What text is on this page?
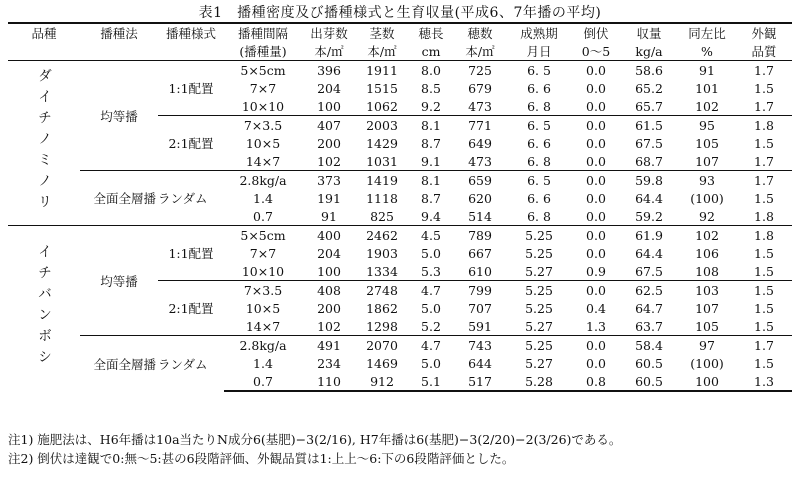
表1　播種密度及び播種様式と生育収量(平成6、7年播の平均)
品種	播種法	播種様式	播種間隔	出芽数	茎数	穂長	穂数	成熟期	倒伏	収量	同左比	外観
			(播種量)	本/㎡	本/㎡	cm	本/㎡	月日	0〜5	kg/a	%	品質
ダイチノミノリ	均等播	1:1配置	5×5cm	396	1911	8.0	725	6. 5	0.0	58.6	91	1.7
			7×7	204	1515	8.5	679	6. 6	0.0	65.2	101	1.5
			10×10	100	1062	9.2	473	6. 8	0.0	65.7	102	1.7
		2:1配置	7×3.5	407	2003	8.1	771	6. 5	0.0	61.5	95	1.8
			10×5	200	1429	8.7	649	6. 6	0.0	67.5	105	1.5
			14×7	102	1031	9.1	473	6. 8	0.0	68.7	107	1.7
	全面全層播	ランダム	2.8kg/a	373	1419	8.1	659	6. 5	0.0	59.8	93	1.7
			1.4	191	1118	8.7	620	6. 6	0.0	64.4	(100)	1.5
			0.7	91	825	9.4	514	6. 8	0.0	59.2	92	1.8
イチバンボシ	均等播	1:1配置	5×5cm	400	2462	4.5	789	5.25	0.0	61.9	102	1.8
			7×7	204	1903	5.0	667	5.25	0.0	64.4	106	1.5
			10×10	100	1334	5.3	610	5.27	0.9	67.5	108	1.5
		2:1配置	7×3.5	408	2748	4.7	799	5.25	0.0	62.5	103	1.5
			10×5	200	1862	5.0	707	5.25	0.4	64.7	107	1.5
			14×7	102	1298	5.2	591	5.27	1.3	63.7	105	1.5
	全面全層播	ランダム	2.8kg/a	491	2070	4.7	743	5.25	0.0	58.4	97	1.7
			1.4	234	1469	5.0	644	5.27	0.0	60.5	(100)	1.5
			0.7	110	912	5.1	517	5.28	0.8	60.5	100	1.3
注1) 施肥法は、H6年播は10a当たりN成分6(基肥)−3(2/16), H7年播は6(基肥)−3(2/20)−2(3/26)である。
注2) 倒伏は達観で0:無〜5:甚の6段階評価、外観品質は1:上上〜6:下の6段階評価とした。
